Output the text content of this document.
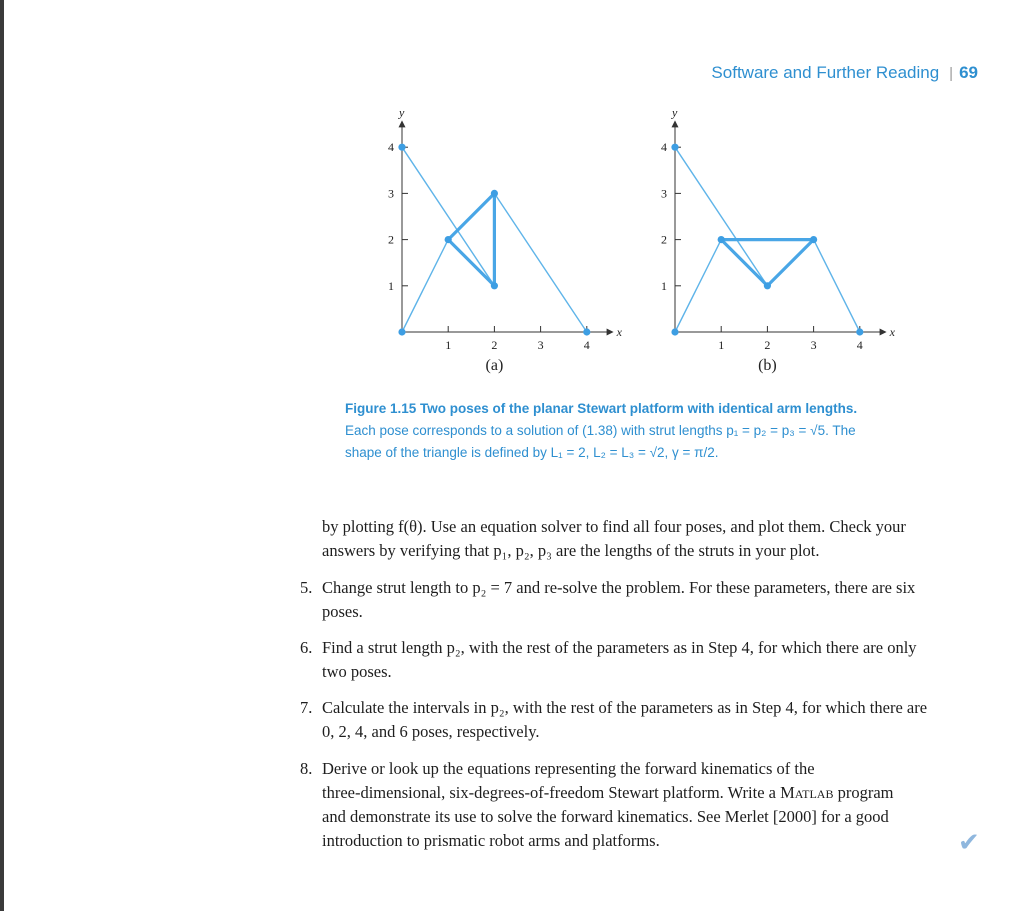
Software and Further Reading | 69
x
y
1
1
2
2
3
3
4
4
(a)
x
y
1
1
2
2
3
3
4
4
(b)
Figure 1.15 Two poses of the planar Stewart platform with identical arm lengths.
Each pose corresponds to a solution of (1.38) with strut lengths p₁ = p₂ = p₃ = √5. The
shape of the triangle is defined by L₁ = 2, L₂ = L₃ = √2, γ = π/2.

by plotting f(θ). Use an equation solver to find all four poses, and plot them. Check your

answers by verifying that p₁, p₂, p₃ are the lengths of the struts in your plot.

5. Change strut length to p₂ = 7 and re-solve the problem. For these parameters, there are six
poses.
6. Find a strut length p₂, with the rest of the parameters as in Step 4, for which there are only
two poses.
7. Calculate the intervals in p₂, with the rest of the parameters as in Step 4, for which there are
0, 2, 4, and 6 poses, respectively.
8. Derive or look up the equations representing the forward kinematics of the
three-dimensional, six-degrees-of-freedom Stewart platform. Write a Matlab program
and demonstrate its use to solve the forward kinematics. See Merlet [2000] for a good
introduction to prismatic robot arms and platforms.	✔
